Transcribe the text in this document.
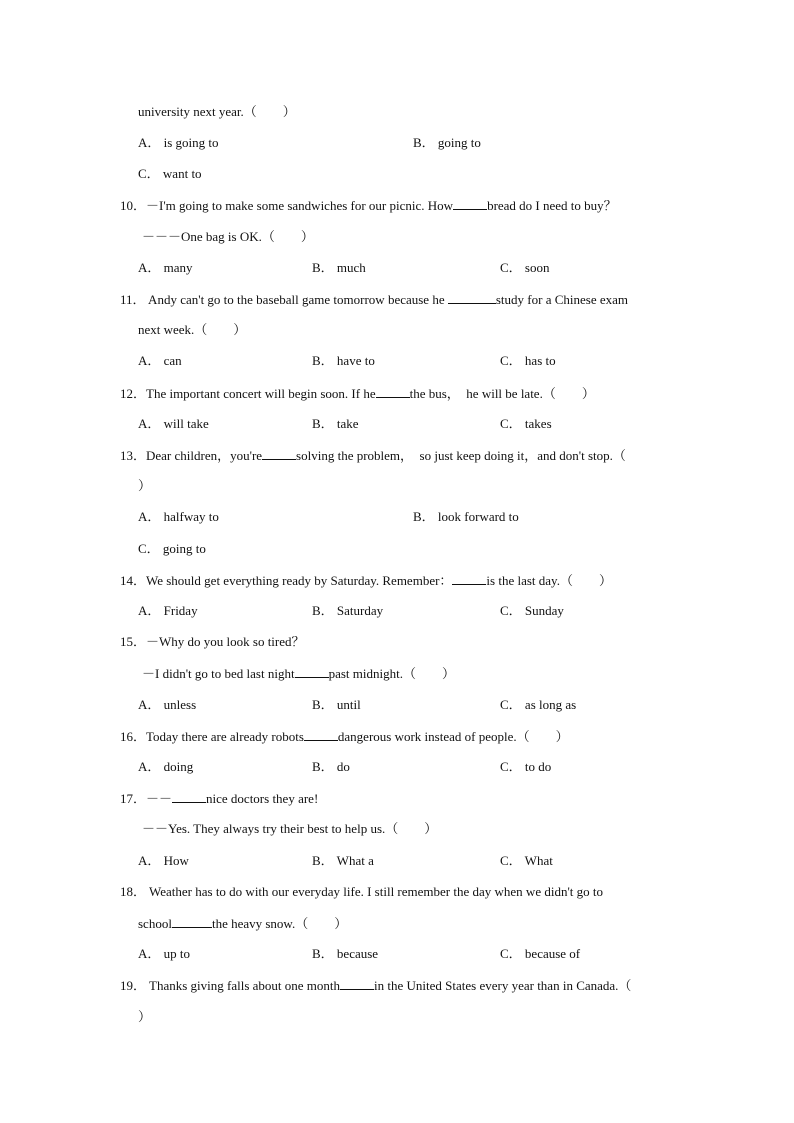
university next year.（　　）
A． is going to	B． going to
C． want to
10．－I'm going to make some sandwiches for our picnic. How	bread do I need to buy？
－－－One bag is OK.（　　）
A． many	B． much	C． soon
11． Andy can't go to the baseball game tomorrow because he	study for a Chinese exam
next week.（　　）
A． can	B． have to	C． has to
12．The important concert will begin soon. If he	the bus，　he will be late.（　　）
A． will take	B． take	C． takes
13．Dear children，you're	solving the problem，　so just keep doing it，and don't stop.（
）
A． halfway to	B． look forward to
C． going to
14．We should get everything ready by Saturday. Remember：	is the last day.（　　）
A． Friday	B． Saturday	C． Sunday
15．－Why do you look so tired？
－I didn't go to bed last night	past midnight.（　　）
A． unless	B． until	C． as long as
16．Today there are already robots	dangerous work instead of people.（　　）
A． doing	B． do	C． to do
17．－－	nice doctors they are!
－－Yes. They always try their best to help us.（　　）
A． How	B． What a	C． What
18． Weather has to do with our everyday life. I still remember the day when we didn't go to
school	the heavy snow.（　　）
A． up to	B． because	C． because of
19． Thanks giving falls about one month	in the United States every year than in Canada.（
）
